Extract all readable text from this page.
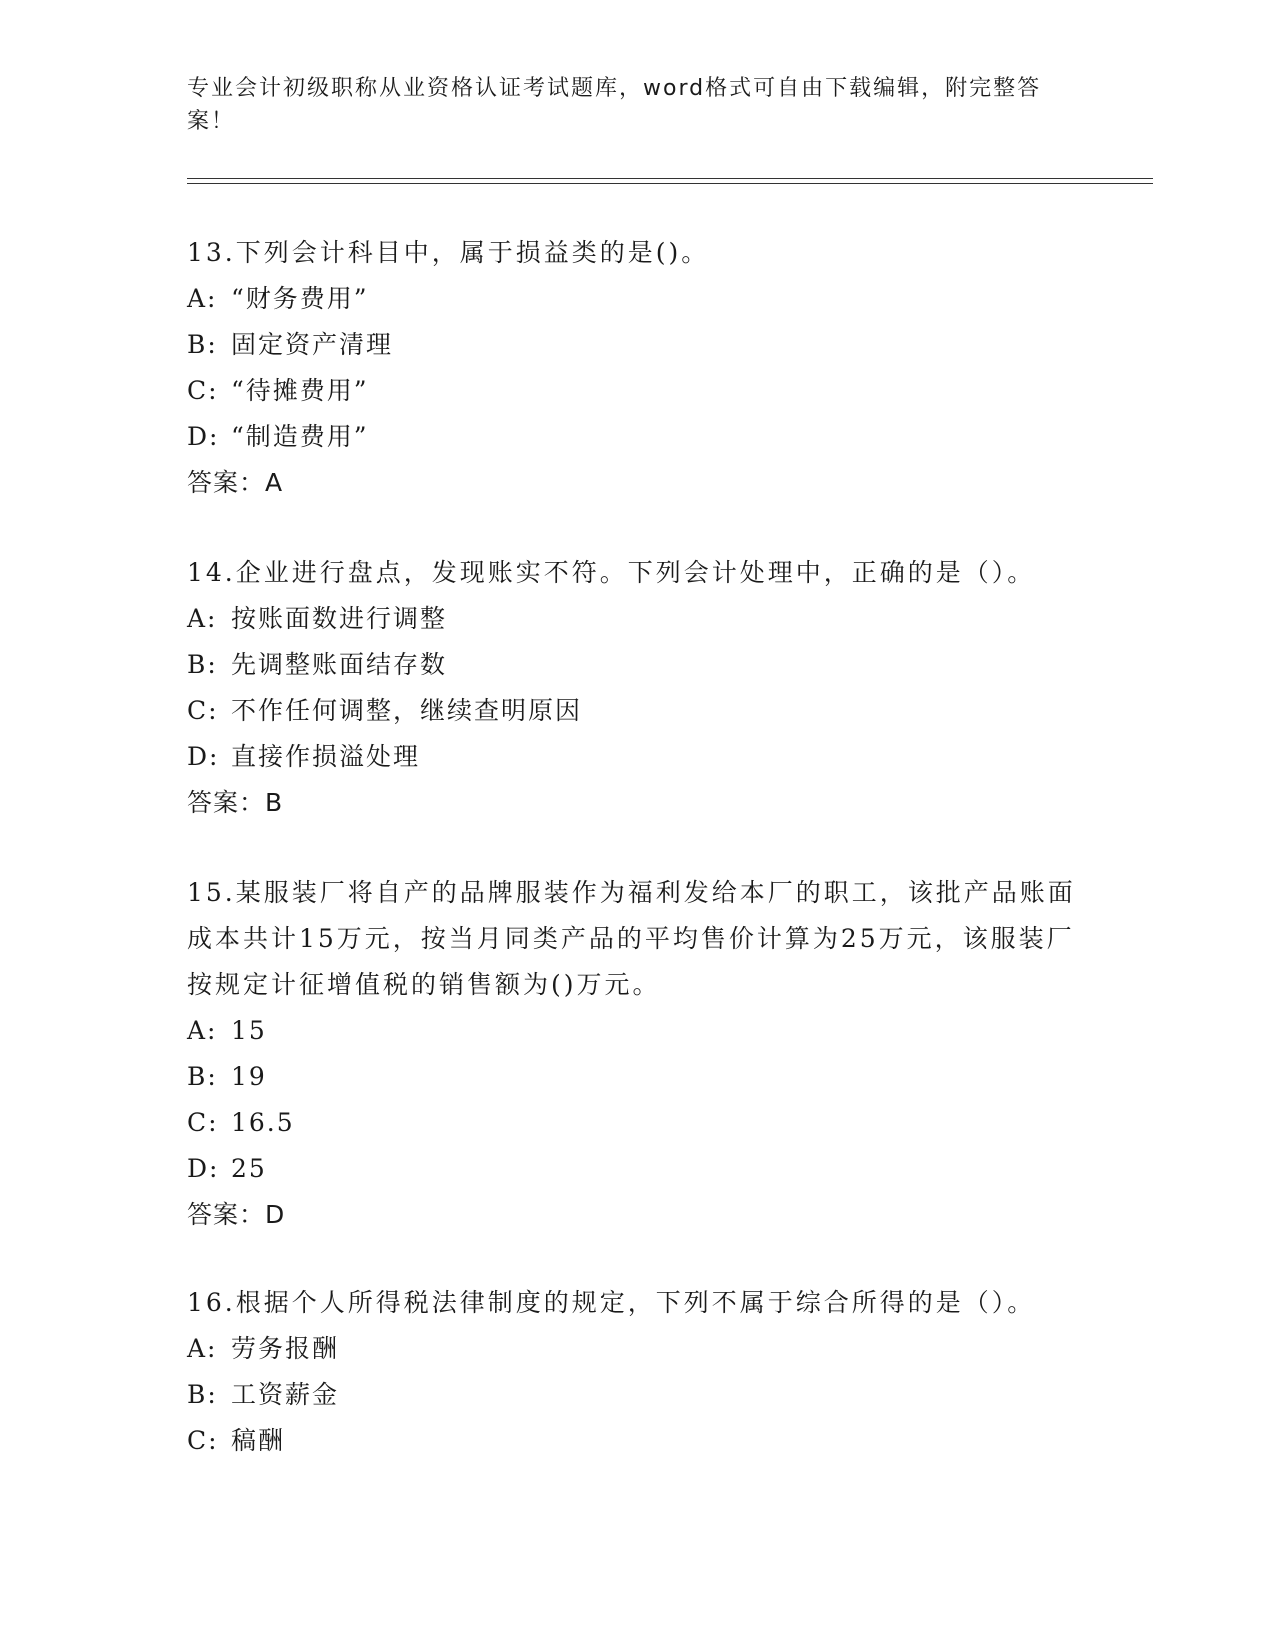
专业会计初级职称从业资格认证考试题库，word格式可自由下载编辑，附完整答案！

13.下列会计科目中，属于损益类的是()。

A: “财务费用”
B: 固定资产清理
C: “待摊费用”
D: “制造费用”
答案：A

14.企业进行盘点，发现账实不符。下列会计处理中，正确的是（）。

A: 按账面数进行调整
B: 先调整账面结存数
C: 不作任何调整，继续查明原因
D: 直接作损溢处理
答案：B

15.某服装厂将自产的品牌服装作为福利发给本厂的职工，该批产品账面成本共计15万元，按当月同类产品的平均售价计算为25万元，该服装厂按规定计征增值税的销售额为()万元。

A: 15
B: 19
C: 16.5
D: 25
答案：D

16.根据个人所得税法律制度的规定，下列不属于综合所得的是（）。

A: 劳务报酬
B: 工资薪金
C: 稿酬
